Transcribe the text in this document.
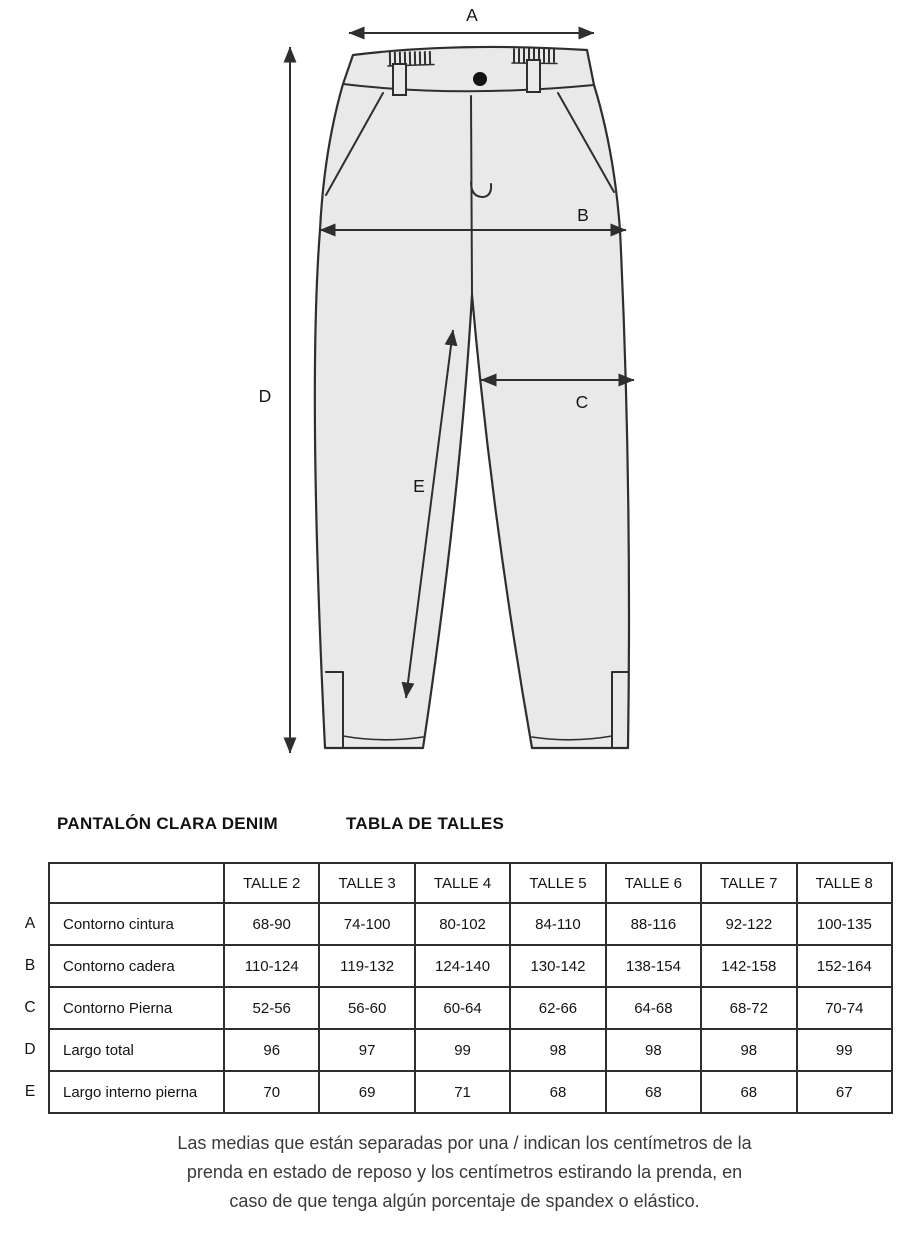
A
B
C
D
E
PANTALÓN CLARA DENIM	TABLA DE TALLES
A
B
C
D
E
	TALLE 2	TALLE 3	TALLE 4	TALLE 5	TALLE 6	TALLE 7	TALLE 8
Contorno cintura	68-90	74-100	80-102	84-110	88-116	92-122	100-135
Contorno cadera	110-124	119-132	124-140	130-142	138-154	142-158	152-164
Contorno Pierna	52-56	56-60	60-64	62-66	64-68	68-72	70-74
Largo total	96	97	99	98	98	98	99
Largo interno pierna	70	69	71	68	68	68	67
Las medias que están separadas por una / indican los centímetros de la
prenda en estado de reposo y los centímetros estirando la prenda, en
caso de que tenga algún porcentaje de spandex o elástico.
